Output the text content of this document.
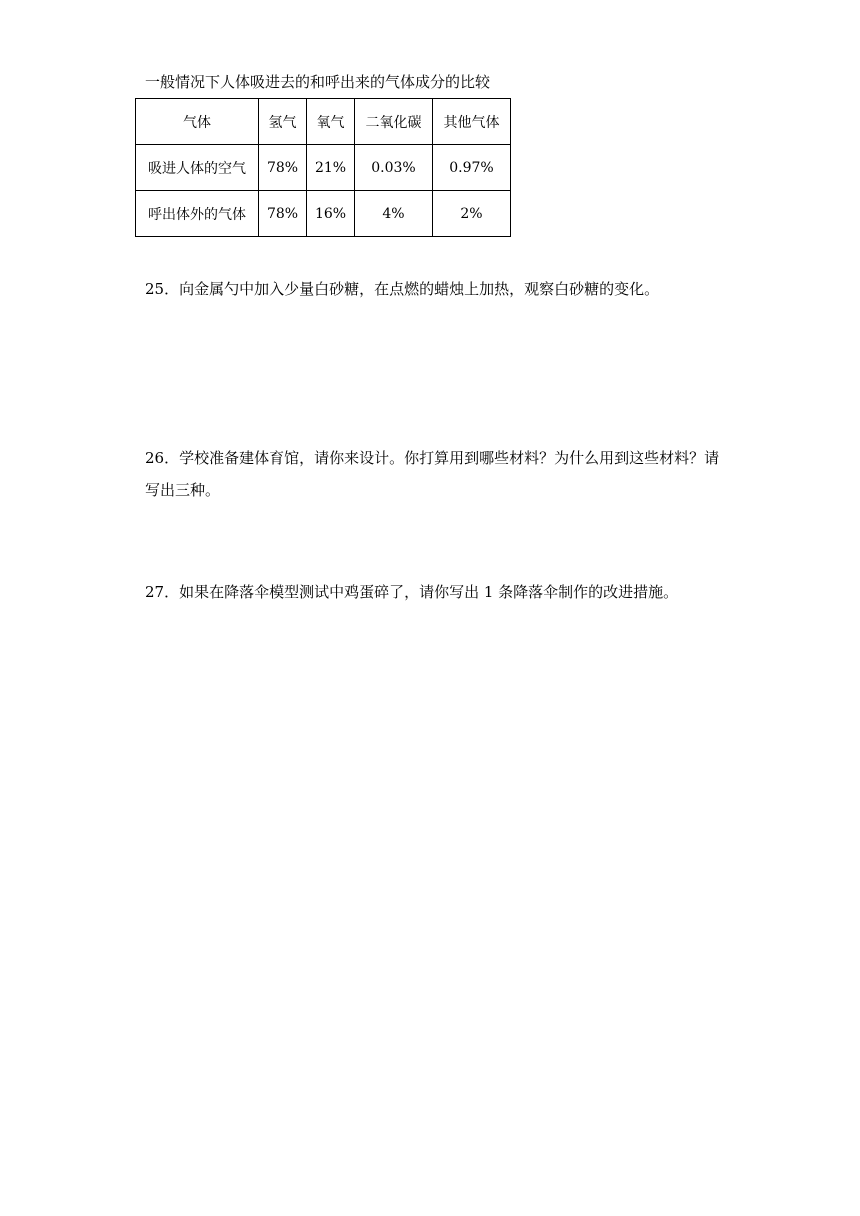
一般情况下人体吸进去的和呼出来的气体成分的比较
气体	氢气	氧气	二氧化碳	其他气体
吸进人体的空气	78%	21%	0.03%	0.97%
呼出体外的气体	78%	16%	4%	2%
25．向金属勺中加入少量白砂糖，在点燃的蜡烛上加热，观察白砂糖的变化。
26．学校准备建体育馆，请你来设计。你打算用到哪些材料？为什么用到这些材料？请写出三种。
27．如果在降落伞模型测试中鸡蛋碎了，请你写出 1 条降落伞制作的改进措施。
